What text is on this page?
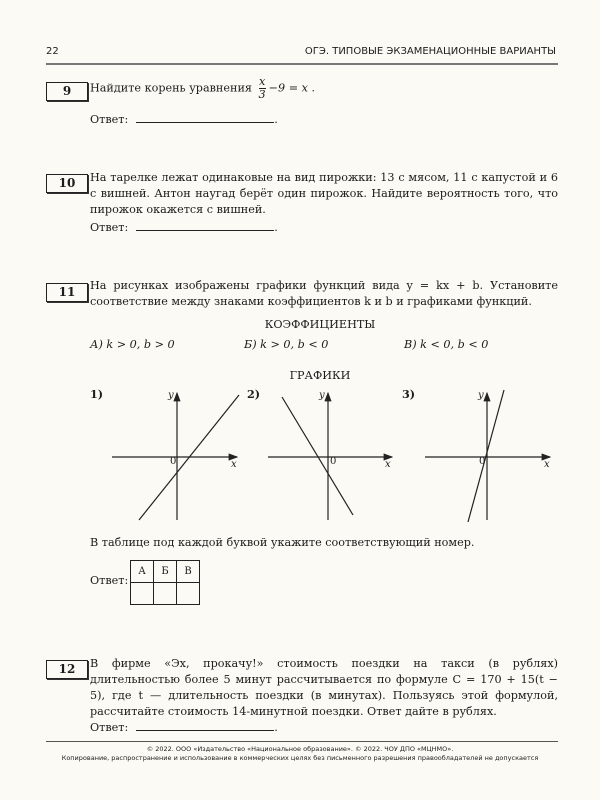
22	ОГЭ. ТИПОВЫЕ ЭКЗАМЕНАЦИОННЫЕ ВАРИАНТЫ
9	Найдите корень уравнения $\frac{x}{3} -9 = x$ .
Ответ:	.
10	На тарелке лежат одинаковые на вид пирожки: 13 с мясом, 11 с капустой и 6 с вишней. Антон наугад берёт один пирожок. Найдите вероятность того, что пирожок окажется с вишней.
Ответ:	.
11	На рисунках изображены графики функций вида y = kx + b. Установите соответствие между знаками коэффициентов k и b и графиками функций.
КОЭФФИЦИЕНТЫ
А) k > 0, b > 0	Б) k > 0, b < 0	В) k < 0, b < 0
ГРАФИКИ
1)	2)	3)
y
x
0
y
x
0
y
x
0
В таблице под каждой буквой укажите соответствующий номер.
Ответ:
А	Б	В

12	В фирме «Эх, прокачу!» стоимость поездки на такси (в рублях) длительностью более 5 минут рассчитывается по формуле C = 170 + 15(t − 5), где t — длительность поездки (в минутах). Пользуясь этой формулой, рассчитайте стоимость 14-минутной поездки. Ответ дайте в рублях.
Ответ:	.
© 2022. ООО «Издательство «Национальное образование». © 2022. ЧОУ ДПО «МЦНМО».
Копирование, распространение и использование в коммерческих целях без письменного разрешения правообладателей не допускается
